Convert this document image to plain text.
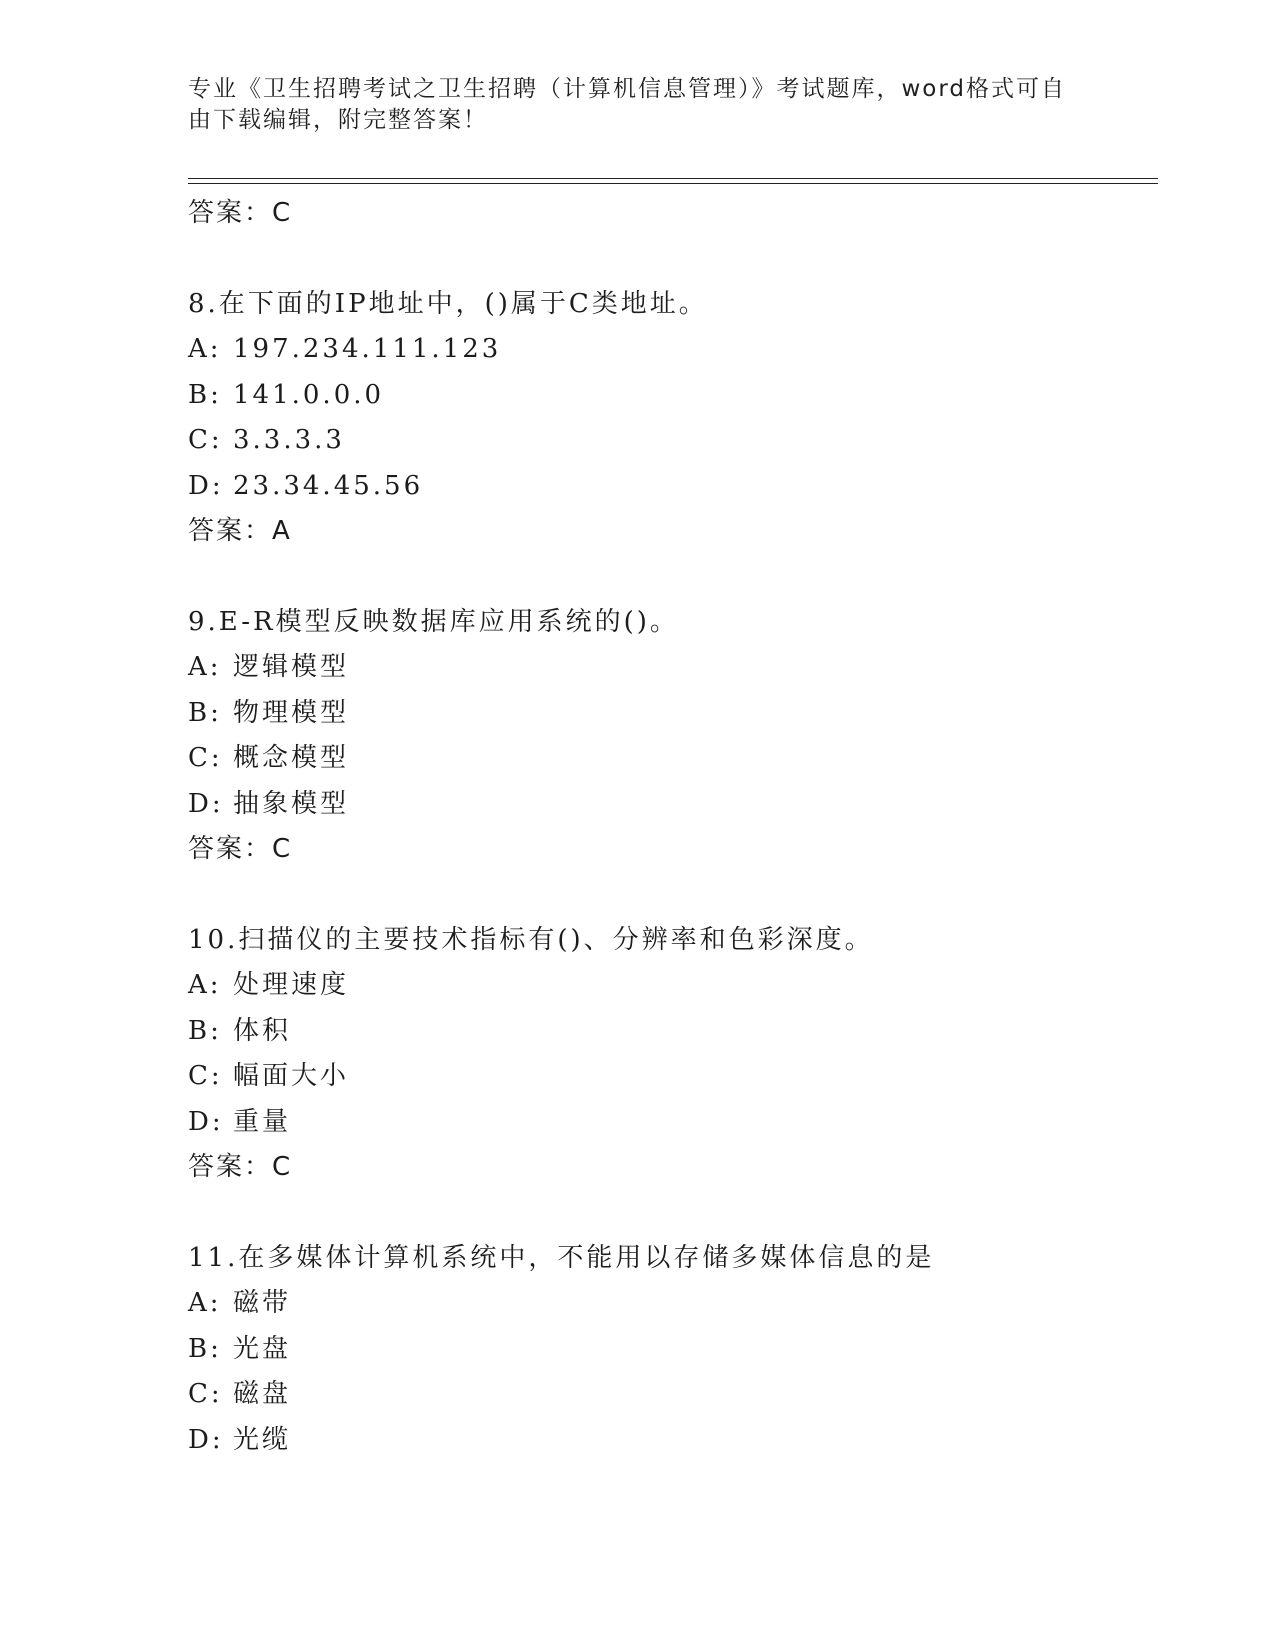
专业《卫生招聘考试之卫生招聘（计算机信息管理）》考试题库，word格式可自
由下载编辑，附完整答案！
答案：C
8.在下面的IP地址中，()属于C类地址。
A: 197.234.111.123
B: 141.0.0.0
C: 3.3.3.3
D: 23.34.45.56
答案：A
9.E-R模型反映数据库应用系统的()。
A: 逻辑模型
B: 物理模型
C: 概念模型
D: 抽象模型
答案：C
10.扫描仪的主要技术指标有()、分辨率和色彩深度。
A: 处理速度
B: 体积
C: 幅面大小
D: 重量
答案：C
11.在多媒体计算机系统中，不能用以存储多媒体信息的是
A: 磁带
B: 光盘
C: 磁盘
D: 光缆
